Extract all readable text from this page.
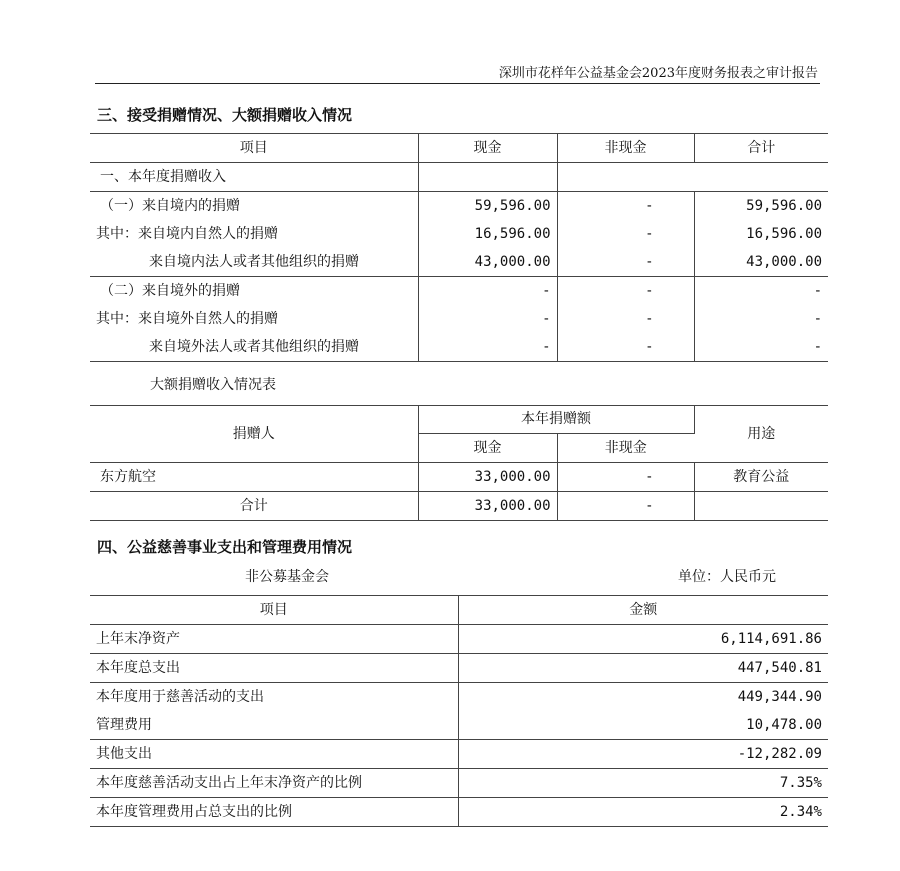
深圳市花样年公益基金会2023年度财务报表之审计报告
三、接受捐赠情况、大额捐赠收入情况
项目	现金	非现金	合计
一、本年度捐赠收入			
（一）来自境内的捐赠	59,596.00	-	59,596.00
其中：来自境内自然人的捐赠	16,596.00	-	16,596.00
来自境内法人或者其他组织的捐赠	43,000.00	-	43,000.00
（二）来自境外的捐赠	-	-	-
其中：来自境外自然人的捐赠	-	-	-
来自境外法人或者其他组织的捐赠	-	-	-
大额捐赠收入情况表
捐赠人	本年捐赠额		用途
	现金	非现金	
东方航空	33,000.00	-	教育公益
合计	33,000.00	-	
四、公益慈善事业支出和管理费用情况
非公募基金会	单位：人民币元
项目	金额
上年末净资产	6,114,691.86
本年度总支出	447,540.81
本年度用于慈善活动的支出	449,344.90
管理费用	10,478.00
其他支出	-12,282.09
本年度慈善活动支出占上年末净资产的比例	7.35%
本年度管理费用占总支出的比例	2.34%
